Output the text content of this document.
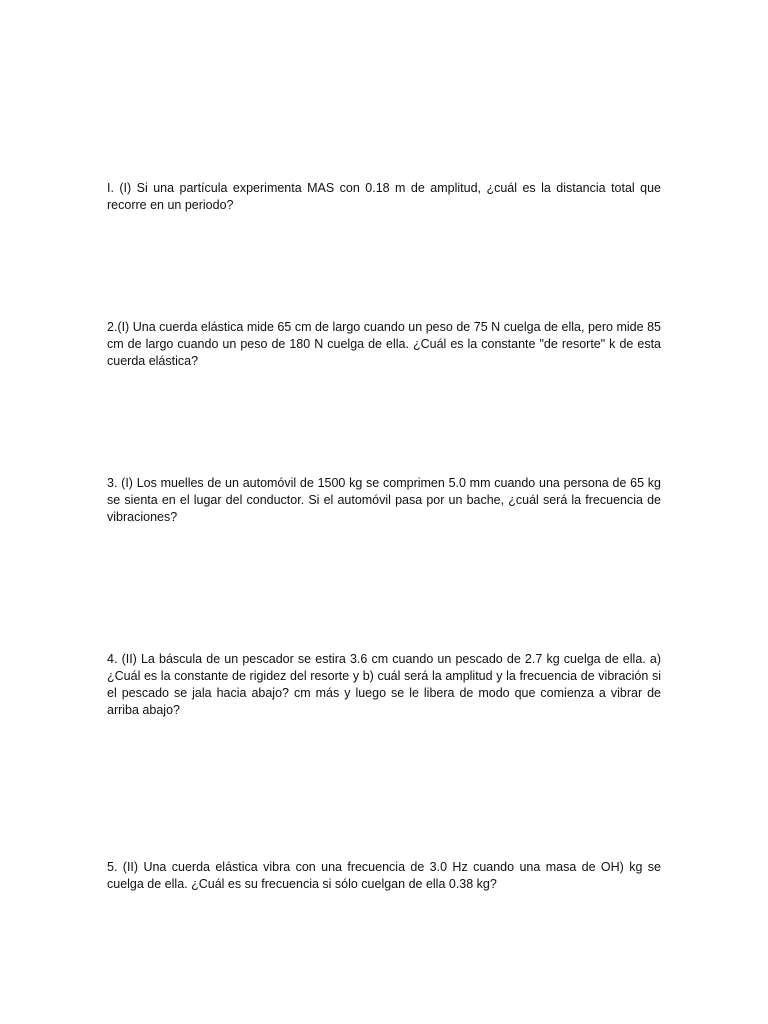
I. (I) Si una partícula experimenta MAS con 0.18 m de amplitud, ¿cuál es la distancia total que recorre en un periodo?

2.(I) Una cuerda elástica mide 65 cm de largo cuando un peso de 75 N cuelga de ella, pero mide 85 cm de largo cuando un peso de 180 N cuelga de ella. ¿Cuál es la constante "de resorte" k de esta cuerda elástica?

3. (I) Los muelles de un automóvil de 1500 kg se comprimen 5.0 mm cuando una persona de 65 kg se sienta en el lugar del conductor. Si el automóvil pasa por un bache, ¿cuál será la frecuencia de vibraciones?

4. (II) La báscula de un pescador se estira 3.6 cm cuando un pescado de 2.7 kg cuelga de ella. a) ¿Cuál es la constante de rigidez del resorte y b) cuál será la amplitud y la frecuencia de vibración si el pescado se jala hacia abajo? cm más y luego se le libera de modo que comienza a vibrar de arriba abajo?

5. (II) Una cuerda elástica vibra con una frecuencia de 3.0 Hz cuando una masa de OH) kg se cuelga de ella. ¿Cuál es su frecuencia si sólo cuelgan de ella 0.38 kg?
